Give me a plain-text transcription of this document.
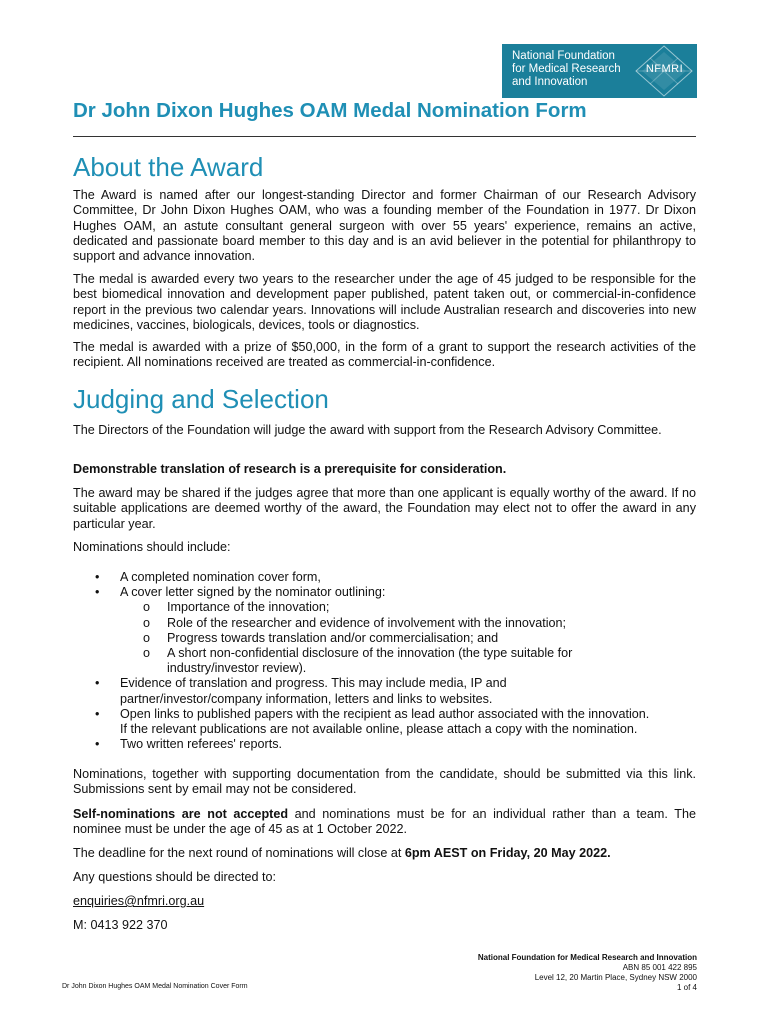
National Foundation
for Medical Research
and Innovation
NFMRI
Dr John Dixon Hughes OAM Medal Nomination Form
About the Award

The Award is named after our longest-standing Director and former Chairman of our Research Advisory Committee, Dr John Dixon Hughes OAM, who was a founding member of the Foundation in 1977. Dr Dixon Hughes OAM, an astute consultant general surgeon with over 55 years' experience, remains an active, dedicated and passionate board member to this day and is an avid believer in the potential for philanthropy to support and advance innovation.

The medal is awarded every two years to the researcher under the age of 45 judged to be responsible for the best biomedical innovation and development paper published, patent taken out, or commercial-in-confidence report in the previous two calendar years. Innovations will include Australian research and discoveries into new medicines, vaccines, biologicals, devices, tools or diagnostics.

The medal is awarded with a prize of $50,000, in the form of a grant to support the research activities of the recipient. All nominations received are treated as commercial-in-confidence.

Judging and Selection

The Directors of the Foundation will judge the award with support from the Research Advisory Committee.

Demonstrable translation of research is a prerequisite for consideration.

The award may be shared if the judges agree that more than one applicant is equally worthy of the award. If no suitable applications are deemed worthy of the award, the Foundation may elect not to offer the award in any particular year.

Nominations should include:

• A completed nomination cover form,
• A cover letter signed by the nominator outlining:
o Importance of the innovation;
o Role of the researcher and evidence of involvement with the innovation;
o Progress towards translation and/or commercialisation; and
o A short non-confidential disclosure of the innovation (the type suitable for
industry/investor review).
• Evidence of translation and progress. This may include media, IP and
partner/investor/company information, letters and links to websites.
• Open links to published papers with the recipient as lead author associated with the innovation.
If the relevant publications are not available online, please attach a copy with the nomination.
• Two written referees' reports.

Nominations, together with supporting documentation from the candidate, should be submitted via this link. Submissions sent by email may not be considered.

Self-nominations are not accepted and nominations must be for an individual rather than a team. The nominee must be under the age of 45 as at 1 October 2022.

The deadline for the next round of nominations will close at 6pm AEST on Friday, 20 May 2022.
Any questions should be directed to:
enquiries@nfmri.org.au
M: 0413 922 370
National Foundation for Medical Research and Innovation
ABN 85 001 422 895
Level 12, 20 Martin Place, Sydney NSW 2000
1 of 4
Dr John Dixon Hughes OAM Medal Nomination Cover Form
